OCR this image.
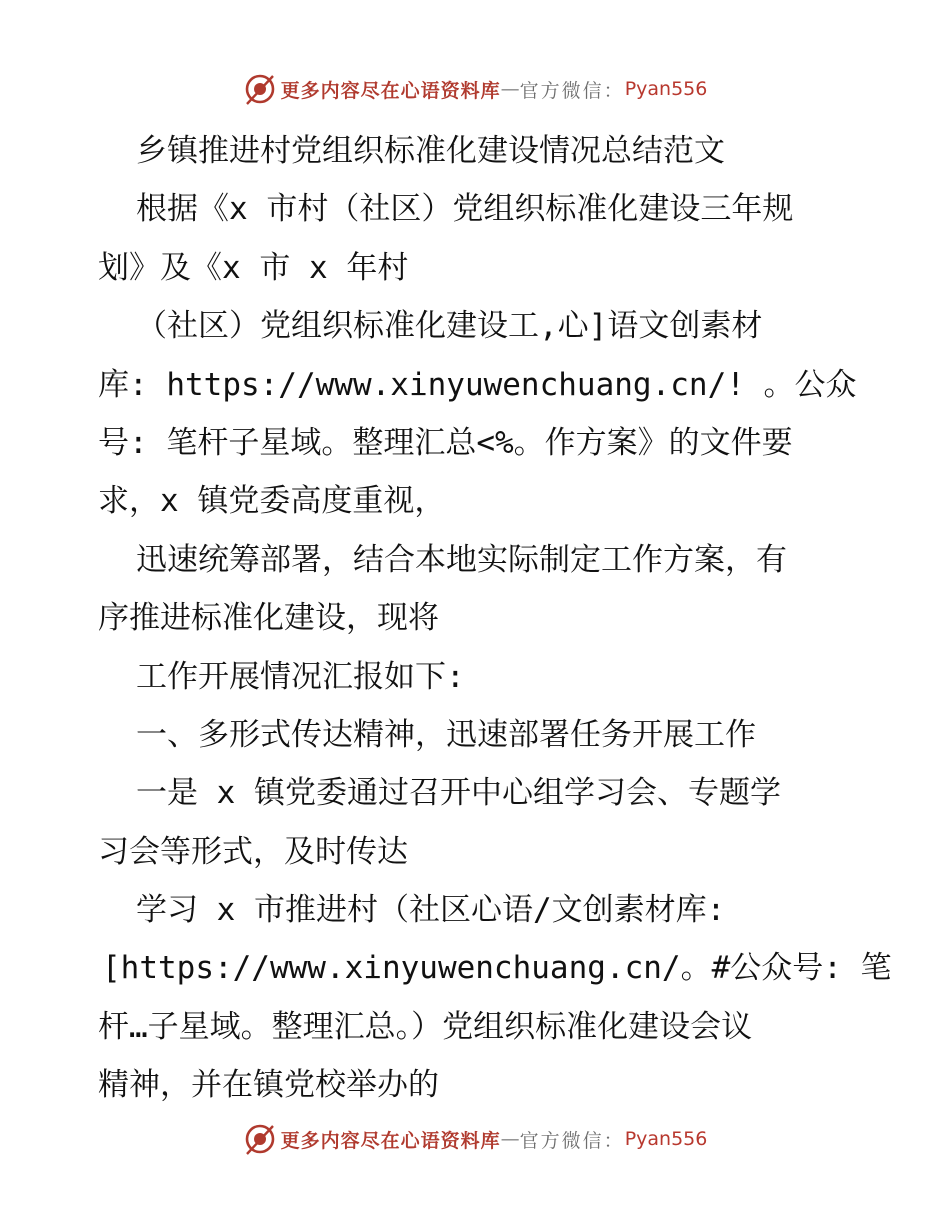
更多内容尽在心语资料库 — 官方微信： Pyan556
乡镇推进村党组织标准化建设情况总结范文
根据《x 市村（社区）党组织标准化建设三年规
划》及《x 市 x 年村
（社区）党组织标准化建设工,心]语文创素材
库: https://www.xinyuwenchuang.cn/! 。公众
号: 笔杆子星域。整理汇总<%。作方案》的文件要
求，x 镇党委高度重视，
迅速统筹部署，结合本地实际制定工作方案，有
序推进标准化建设，现将
工作开展情况汇报如下:
一、多形式传达精神，迅速部署任务开展工作
一是 x 镇党委通过召开中心组学习会、专题学
习会等形式，及时传达
学习 x 市推进村（社区心语/文创素材库:
[https://www.xinyuwenchuang.cn/。#公众号: 笔
杆…子星域。整理汇总。）党组织标准化建设会议
精神，并在镇党校举办的
更多内容尽在心语资料库 — 官方微信： Pyan556
